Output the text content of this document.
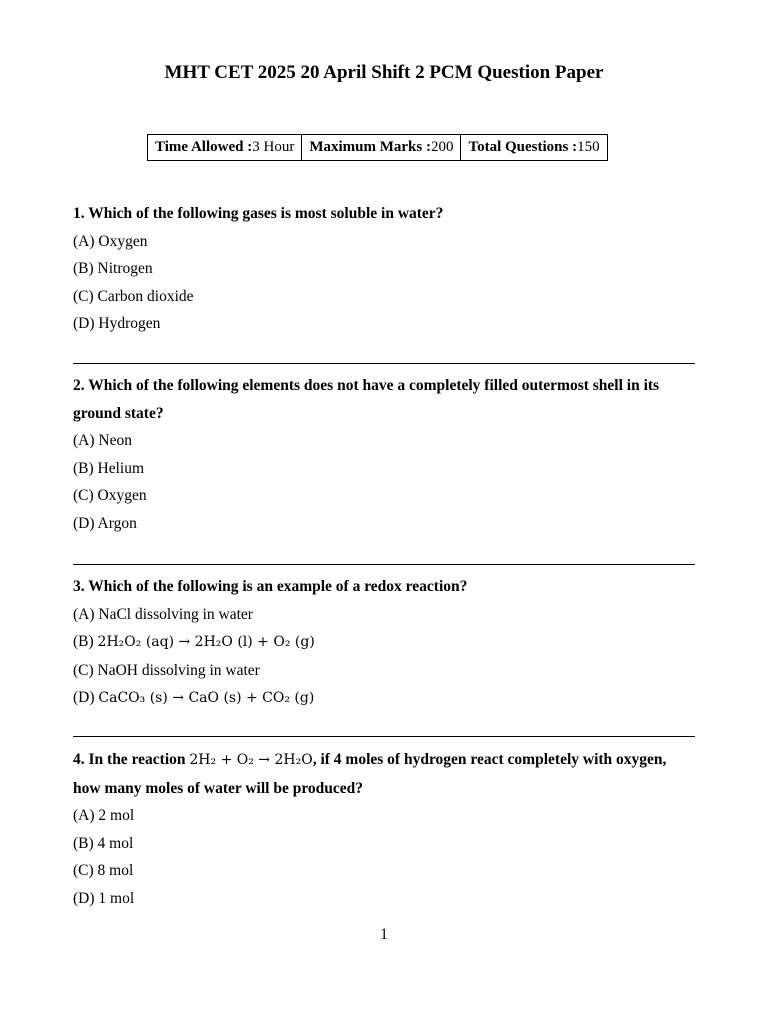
MHT CET 2025 20 April Shift 2 PCM Question Paper
Time Allowed :3 Hour	Maximum Marks :200	Total Questions :150
1. Which of the following gases is most soluble in water?
(A) Oxygen
(B) Nitrogen
(C) Carbon dioxide
(D) Hydrogen
2. Which of the following elements does not have a completely filled outermost shell in its ground state?
(A) Neon
(B) Helium
(C) Oxygen
(D) Argon
3. Which of the following is an example of a redox reaction?
(A) NaCl dissolving in water
(B) 2H₂O₂ (aq) → 2H₂O (l) + O₂ (g)
(C) NaOH dissolving in water
(D) CaCO₃ (s) → CaO (s) + CO₂ (g)
4. In the reaction 2H₂ + O₂ → 2H₂O, if 4 moles of hydrogen react completely with oxygen, how many moles of water will be produced?
(A) 2 mol
(B) 4 mol
(C) 8 mol
(D) 1 mol
1
